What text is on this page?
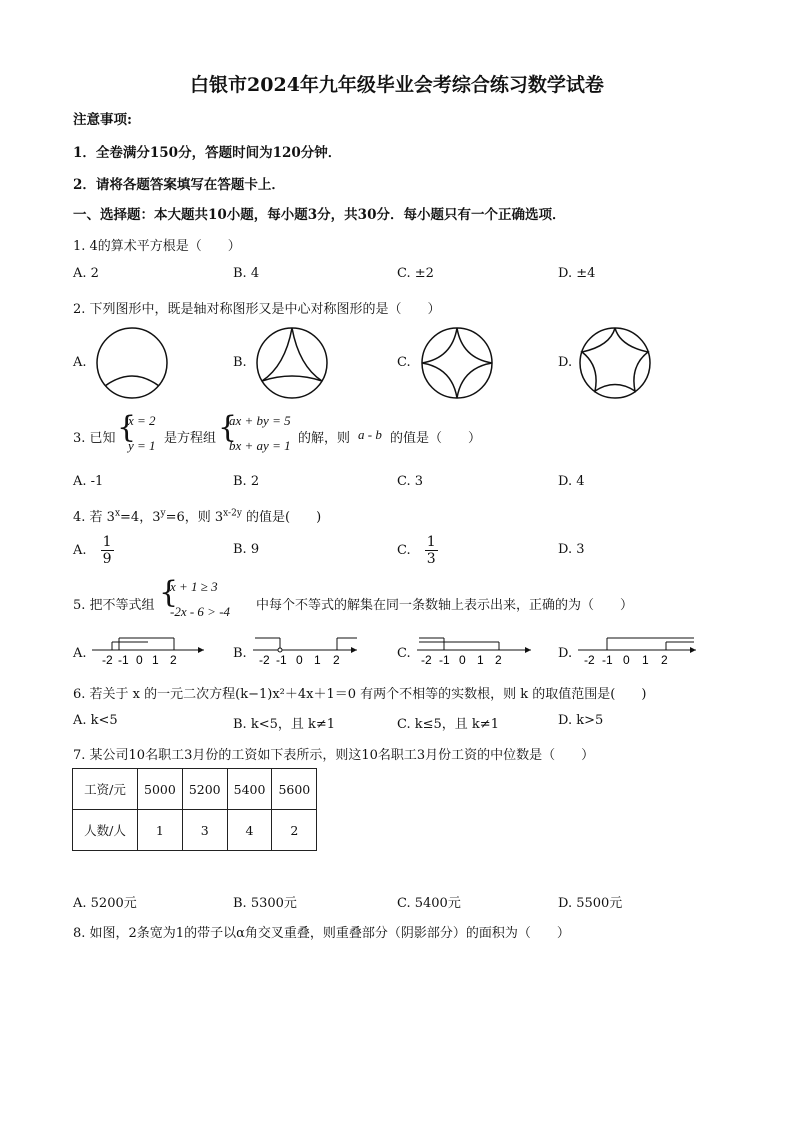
白银市2024年九年级毕业会考综合练习数学试卷
注意事项:
1．全卷满分150分，答题时间为120分钟．
2．请将各题答案填写在答题卡上．
一、选择题：本大题共10小题，每小题3分，共30分．每小题只有一个正确选项．
1. 4的算术平方根是（　　）
A. 2	B. 4	C. ±2	D. ±4
2. 下列图形中，既是轴对称图形又是中心对称图形的是（　　）
A.	B.	C.	D.
3. 已知 {
x = 2
y = 1 是方程组 {
ax + by = 5
bx + ay = 1 的解，则 a - b 的值是（　　）
A. -1	B. 2	C. 3	D. 4
4. 若 $3^x=4$，$3^y=6$，则 $3^{x-2y}$ 的值是(　　)
A. $\frac{1}{9}$	B. 9	C. $\frac{1}{3}$	D. 3
5. 把不等式组 {
x + 1 ≥ 3
-2x - 6 > -4 中每个不等式的解集在同一条数轴上表示出来，正确的为（　　）
A.	B.	C.	D.
-2 -1 0 1 2	-2 -1 0 1 2	-2 -1 0 1 2	-2 -1 0 1 2
6. 若关于 x 的一元二次方程(k−1)x²＋4x＋1＝0 有两个不相等的实数根，则 k 的取值范围是(　　)
A. k<5	B. k<5，且 k≠1	C. k≤5，且 k≠1	D. k>5
7. 某公司10名职工3月份的工资如下表所示，则这10名职工3月份工资的中位数是（　　）
工资/元	5000	5200	5400	5600
人数/人	1	3	4	2
A. 5200元	B. 5300元	C. 5400元	D. 5500元
8. 如图，2条宽为1的带子以α角交叉重叠，则重叠部分（阴影部分）的面积为（　　）
